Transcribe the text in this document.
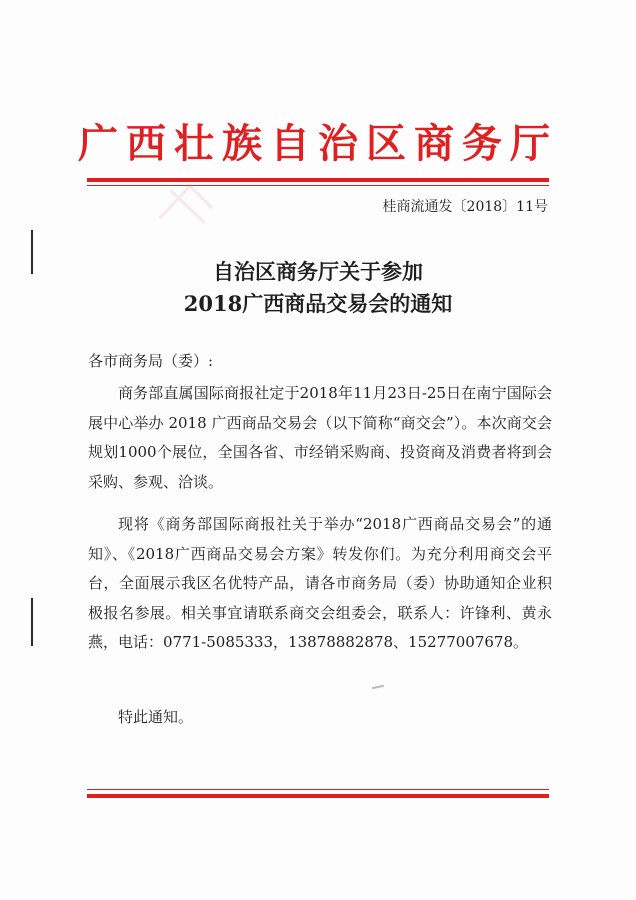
广西壮族自治区商务厅
桂商流通发〔2018〕11号
自治区商务厅关于参加
2018广西商品交易会的通知
各市商务局（委）:

商务部直属国际商报社定于2018年11月23日-25日在南宁国际会展中心举办 2018 广西商品交易会（以下简称“商交会”）。本次商交会规划1000个展位，全国各省、市经销采购商、投资商及消费者将到会采购、参观、洽谈。

现将《商务部国际商报社关于举办“2018广西商品交易会”的通知》、《2018广西商品交易会方案》转发你们。为充分利用商交会平台，全面展示我区名优特产品，请各市商务局（委）协助通知企业积极报名参展。相关事宜请联系商交会组委会，联系人：许锋利、黄永燕，电话：0771-5085333，13878882878、15277007678。

特此通知。
